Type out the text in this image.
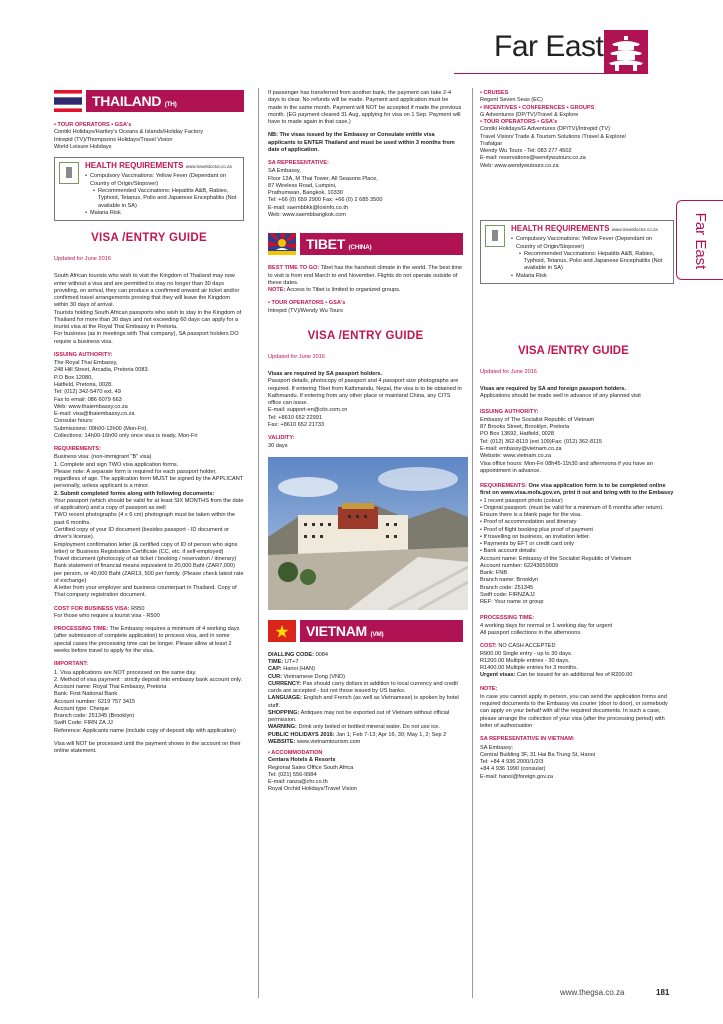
Far East
Far East
THAILAND (TH)
• TOUR OPERATORS • GSA's
Contiki Holidays/Hartley's Oceans & Islands/Holiday Factory
Intrepid (TV)/Thompsons Holidays/Travel Vision
World Leisure Holidays
HEALTH REQUIREMENTS www.traveldoctor.co.za
• Compulsory Vaccinations: Yellow Fever (Dependant on Country of Origin/Stopover)
• Recommended Vaccinations: Hepatitis A&B, Rabies, Typhoid, Tetanus, Polio and Japanese Encephalitis (Not available in SA)
• Malaria Risk
VISA /ENTRY GUIDE
Updated for June 2016
South African tourists who wish to visit the Kingdom of Thailand may now enter without a visa and are permitted to stay no longer than 30 days providing, on arrival, they can produce a confirmed onward air ticket and/or confirmed travel arrangements proving that they will leave the Kingdom within 30 days of arrival.
Tourists holding South African passports who wish to stay in the Kingdom of Thailand for more than 30 days and not exceeding 60 days can apply for a tourist visa at the Royal Thai Embassy in Pretoria.

For business (as in meetings with Thai company), SA passport holders DO require a business visa.

ISSUING AUTHORITY:
The Royal Thai Embassy,
248 Hill Street, Arcadia, Pretoria 0083.
P.O Box 12080,
Hatfield, Pretoria, 0028.
Tel: (012) 342-5470 ext. 49
Fax to email: 086 6079 663
Web: www.thaiembassy.co.za
E-mail: visa@thaiembassy.co.za
Consular hours:
Submissions: 09h00-12h00 (Mon-Fri).
Collections: 14h00-16h00 only once visa is ready, Mon-Fri
REQUIREMENTS:
Business visa: (non-immigrant "B" visa)
1. Complete and sign TWO visa application forms.
Please note: A separate form is required for each passport holder, regardless of age. The application form MUST be signed by the APPLICANT personally, unless applicant is a minor.
2. Submit completed forms along with following documents:
Your passport (which should be valid for at least SIX MONTHS from the date of application) and a copy of passport as well
TWO recent photographs (4 x 6 cm) photograph must be taken within the past 6 months.
Certified copy of your ID document (besides passport - ID document or driver's license).
Employment confirmation letter (& certified copy of ID of person who signs letter) or Business Registration Certificate (CC, etc. if self-employed)
Travel document (photocopy of air ticket / booking / reservation / itinerary)
Bank statement of financial means equivalent to 20,000 Baht (ZAR7,000) per person, or 40,000 Baht (ZAR13, 500 per family. (Please check latest rate of exchange)

A letter from your employer and business counterpart in Thailand. Copy of Thai company registration document.

COST FOR BUSINESS VISA: R950

For those who require a tourist visa - R500

PROCESSING TIME: The Embassy requires a minimum of 4 working days (after submission of complete application) to process visa, and in some special cases the processing time can be longer. Please allow at least 2 weeks before travel to apply for the visa.

IMPORTANT:
1. Visa applications are NOT processed on the same day.
2. Method of visa payment : strictly deposit into embassy bank account only.
Account name: Royal Thai Embassy, Pretoria
Bank: First National Bank
Account number: 6219 757 3415
Account type: Cheque
Branch code: 251345 (Brooklyn)
Swift Code: FIRN ZA JJ
Reference: Applicants name (include copy of deposit slip with application)
Visa will NOT be processed until the payment shows in the account on their online statement.

If passenger has transferred from another bank, the payment can take 2-4 days to clear. No refunds will be made. Payment and application must be made in the same month. Payment will NOT be accepted if made the previous month. (EG payment cleared 31 Aug, applying for visa on 1 Sep. Payment will have to made again in that case.)

NB: The visas issued by the Embassy or Consulate entitle visa applicants to ENTER Thailand and must be used within 3 months from date of application.

SA REPRESENTATIVE:
SA Embassy,
Floor 12A, M Thai Tower, All Seasons Place,
87 Wireless Road, Lumpini,
Prathumwan, Bangkok, 10330
Tel: +66 (0) 659 2900 Fax: +66 (0) 2 685 3500
E-mail: saembbkk@loxinfo.co.th
Web: www.saembbangkok.com
TIBET (CHINA)

BEST TIME TO GO: Tibet has the harshest climate in the world. The best time to visit is from end March to end November. Flights do not operate outside of these dates.
NOTE: Access to Tibet is limited to organized groups.

• TOUR OPERATORS • GSA's
Intrepid (TV)/Wendy Wu Tours
VISA /ENTRY GUIDE
Updated for June 2016
Visas are required by SA passport holders.
Passport details, photocopy of passport and 4 passport size photographs are required. If entering Tibet from Kathmandu, Nepal, the visa is to be obtained in Kathmandu. If entering from any other place or mainland China, any CITS office can issue.
E-mail: support-en@cits.com.cn
Tel: +8610 652 22991
Fax: +8610 652 21733
VALIDITY:
30 days
VIETNAM (VM)
DIALLING CODE: 0084
TIME: UT+7
CAP: Hanoi (HAN)
CUR: Vietnamese Dong (VND)
CURRENCY: Pax should carry dollars in addition to local currency and credit cards are accepted - but not those issued by US banks.
LANGUAGE: English and French (as well as Vietnamese) is spoken by hotel staff.
SHOPPING: Antiques may not be exported out of Vietnam without official permission.
WARNING: Drink only boiled or bottled mineral water. Do not use ice.
PUBLIC HOLIDAYS 2016: Jan 1; Feb 7-13; Apr 16, 30; May 1, 2; Sep 2
WEBSITE: www.vietnamtourism.com
• ACCOMMODATION
Centara Hotels & Resorts
Regional Sales Office South Africa
Tel: (021) 556-9984
E-mail: raoza@chr.co.th
Royal Orchid Holidays/Travel Vision
• CRUISES
Regent Seven Seas (EC)
• INCENTIVES • CONFERENCES • GROUPS
G Adventures (DP/TV)/Travel & Explore
• TOUR OPERATORS • GSA's
Contiki Holidays/G Adventures (DP/TV)/Intrepid (TV)
Travel Vision/ Trade & Tourism Solutions /Travel & Explore/
Trafalgar
Wendy Wu Tours - Tel: 083 277 4502
E-mail: reservations@wendywutours.co.za
Web: www.wendywutours.co.za
HEALTH REQUIREMENTS www.traveldoctor.co.za
• Compulsory Vaccinations: Yellow Fever (Dependant on Country of Origin/Stopover)
• Recommended Vaccinations: Hepatitis A&B, Rabies, Typhoid, Tetanus, Polio and Japanese Encephalitis (Not available in SA)
• Malaria Risk
VISA /ENTRY GUIDE
Updated for June 2016
Visas are required by SA and foreign passport holders.

Applications should be made well in advance of any planned visit

ISSUING AUTHORITY:
Embassy of The Socialist Republic of Vietnam
87 Brooks Street, Brooklyn, Pretoria
PO Box 13692, Hatfield, 0028
Tel: (012) 362-8119 (ext 109)Fax: (012) 362-8115
E-mail: embassy@vietnam.co.za
Website: www.vietnam.co.za

Visa office hours: Mon-Fri 08h45-11h30 and afternoons if you have an appointment in advance.

REQUIREMENTS: One visa application form is to be completed online first on www.visa.mofa.gov.vn, print it out and bring with to the Embassy
• 1 recent passport photo (colour)
• Original passport. (must be valid for a minimum of 6 months after return). Ensure there is a blank page for the visa.
• Proof of accommodation and itinerary
• Proof of flight booking plus proof of payment
• If travelling on business, an invitation letter.
• Payments by EFT or credit card only
• Bank account details:
Account name: Embassy of the Socialist Republic of Vietnam
Account number: 62243659909
Bank: FNB
Branch name: Brooklyn
Branch code: 251345
Swift code: FIRNZAJJ
REF: Your name or group
PROCESSING TIME:
4 working days for normal or 1 working day for urgent

All passport collections in the afternoons.

COST: NO CASH ACCEPTED
R900.00 Single entry - up to 30 days.
R1200.00 Multiple entries - 30 days.
R1400.00 Multiple entries for 3 months.

Urgent visas: Can be issued for an additional fee of R200.00

NOTE:

In case you cannot apply in person, you can send the application forms and required documents to the Embassy via courier (door to door), or somebody can apply on your behalf with all the required documents. In such a case, please arrange the collection of your visa (after the processing period) with letter of authorisation

SA REPRESENTATIVE IN VIETNAM:
SA Embassy:
Central Building 3F, 31 Hai Ba Trung St, Hanoi
Tel: +84 4 936 2000/1/2/3
+84 4 936 1990 (consular)
E-mail: hanoi@foreign.gov.za
www.thegsa.co.za	181
